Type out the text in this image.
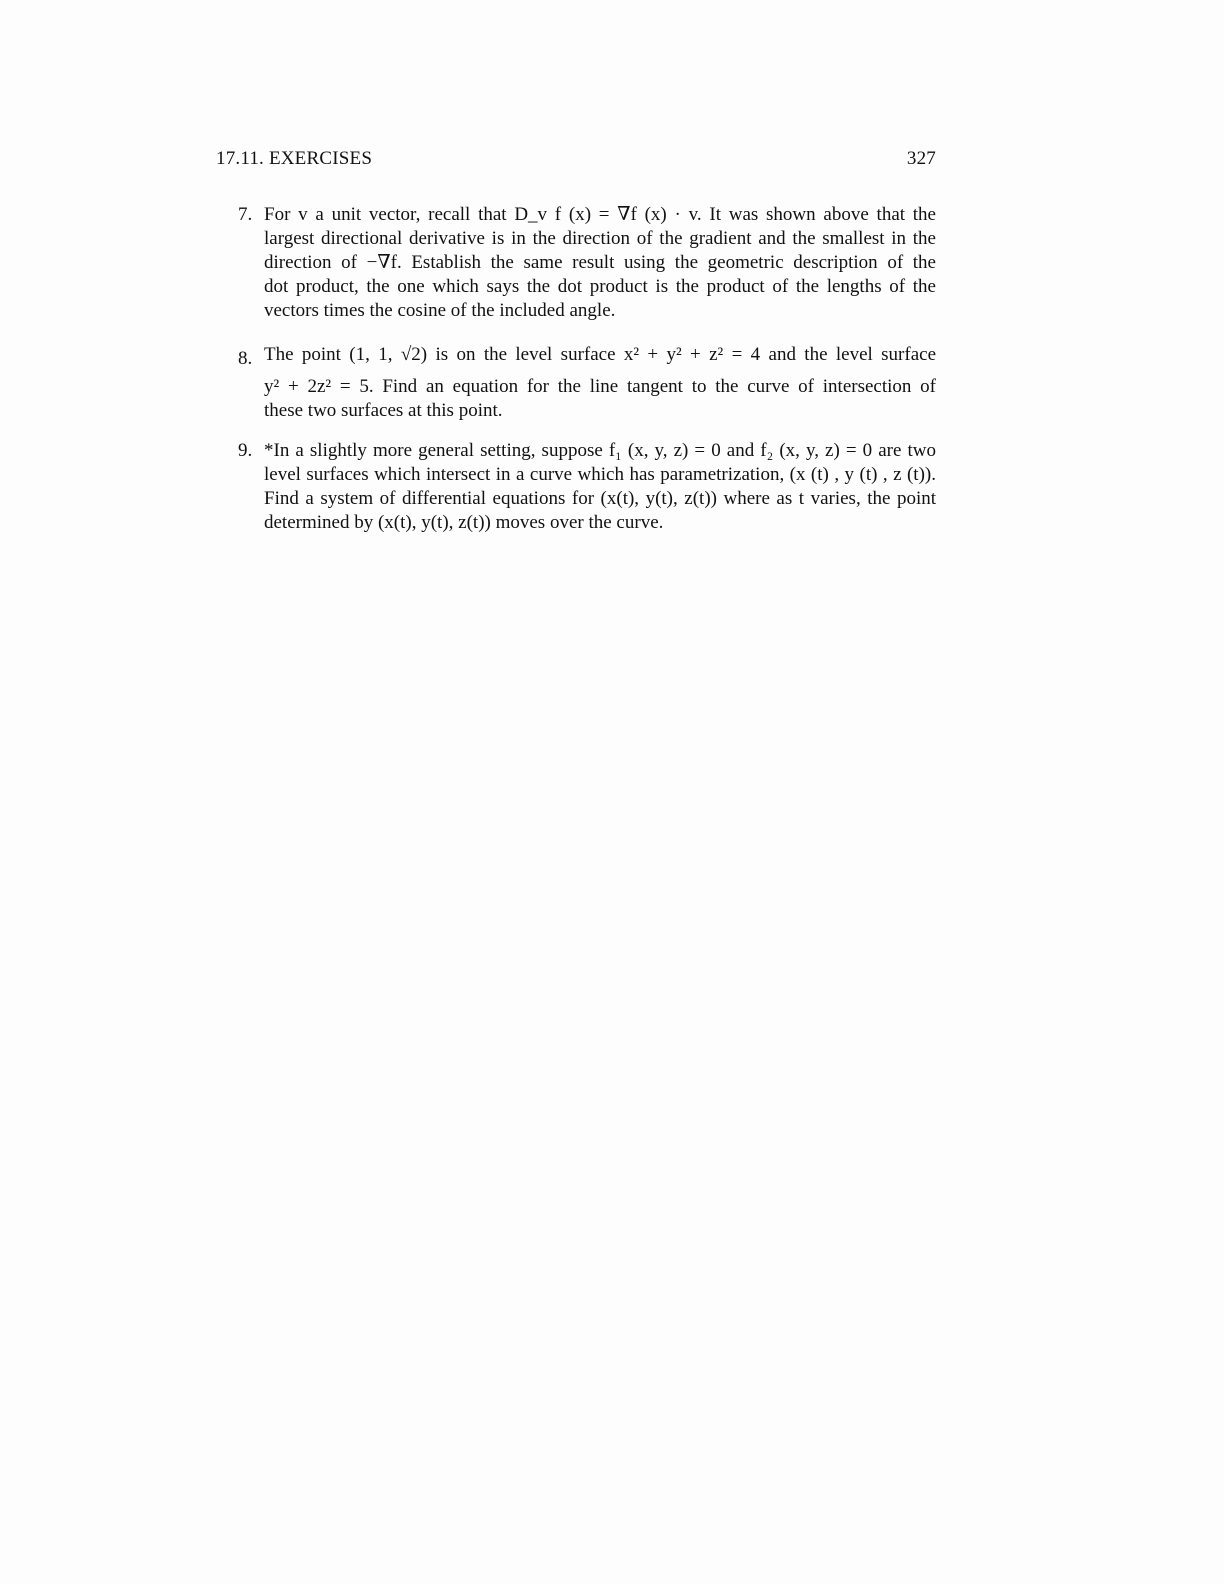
17.11. EXERCISES	327
7. For v a unit vector, recall that D_v f (x) = ∇f (x) · v. It was shown above that the
largest directional derivative is in the direction of the gradient and the smallest in the
direction of −∇f. Establish the same result using the geometric description of the
dot product, the one which says the dot product is the product of the lengths of the
vectors times the cosine of the included angle.
8. The point (1, 1, √2) is on the level surface x² + y² + z² = 4 and the level surface
y² + 2z² = 5. Find an equation for the line tangent to the curve of intersection of
these two surfaces at this point.
9. *In a slightly more general setting, suppose f₁ (x, y, z) = 0 and f₂ (x, y, z) = 0 are two
level surfaces which intersect in a curve which has parametrization, (x (t) , y (t) , z (t)).
Find a system of differential equations for (x(t), y(t), z(t)) where as t varies, the point
determined by (x(t), y(t), z(t)) moves over the curve.
